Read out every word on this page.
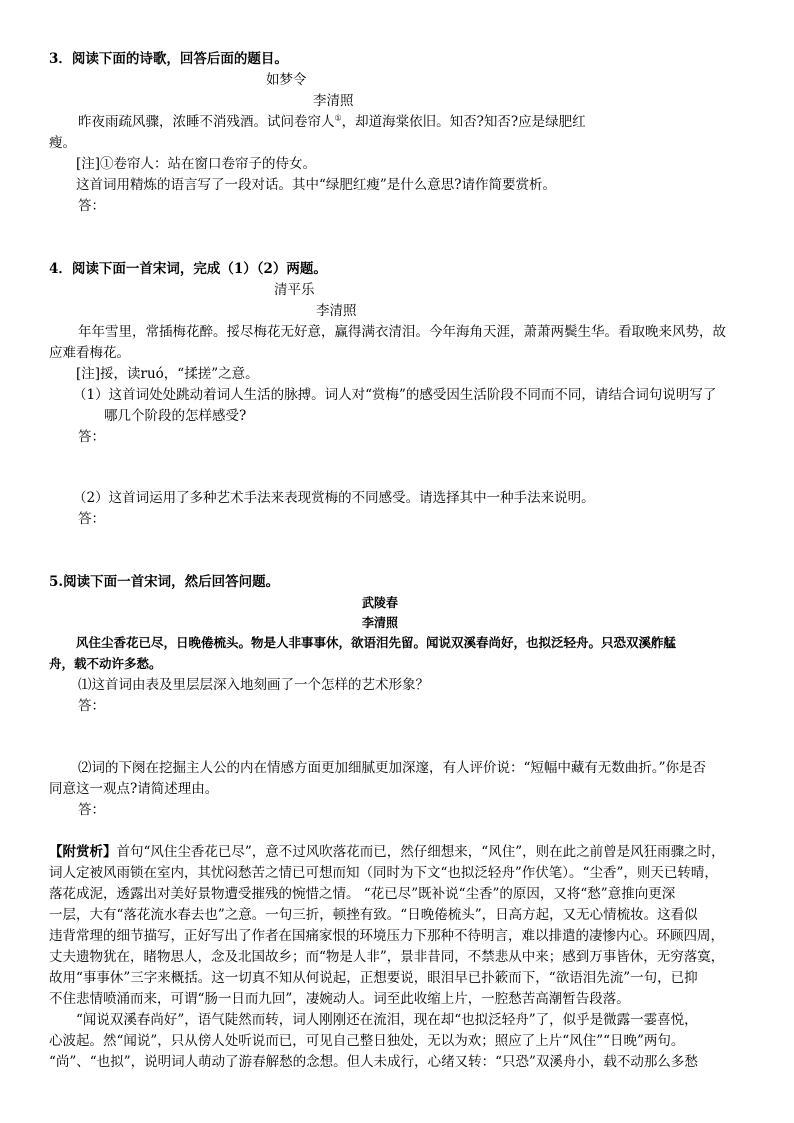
3．阅读下面的诗歌，回答后面的题目。
如梦令
李清照
昨夜雨疏风骤，浓睡不消残酒。试问卷帘人①，却道海棠依旧。知否?知否?应是绿肥红
瘦。
[注]①卷帘人：站在窗口卷帘子的侍女。
这首词用精炼的语言写了一段对话。其中“绿肥红瘦”是什么意思?请作简要赏析。
答：
4．阅读下面一首宋词，完成（1）（2）两题。
清平乐
李清照
年年雪里，常插梅花醉。挼尽梅花无好意，赢得满衣清泪。今年海角天涯，萧萧两鬓生华。看取晚来风势，故
应难看梅花。
[注]挼，读ruó，“揉搓”之意。
（1）这首词处处跳动着词人生活的脉搏。词人对“赏梅”的感受因生活阶段不同而不同，请结合词句说明写了
哪几个阶段的怎样感受?
答：
（2）这首词运用了多种艺术手法来表现赏梅的不同感受。请选择其中一种手法来说明。
答：
5.阅读下面一首宋词，然后回答问题。
武陵春
李清照
风住尘香花已尽，日晚倦梳头。物是人非事事休，欲语泪先留。闻说双溪春尚好，也拟泛轻舟。只恐双溪舴艋
舟，载不动许多愁。
⑴这首词由表及里层层深入地刻画了一个怎样的艺术形象？
答：
⑵词的下阕在挖掘主人公的内在情感方面更加细腻更加深邃，有人评价说：“短幅中藏有无数曲折。”你是否
同意这一观点?请简述理由。
答：
【附赏析】首句“风住尘香花已尽”，意不过风吹落花而已，然仔细想来，“风住”，则在此之前曾是风狂雨骤之时，
词人定被风雨锁在室内，其忧闷愁苦之情已可想而知（同时为下文“也拟泛轻舟”作伏笔）。“尘香”，则天已转晴，
落花成泥，透露出对美好景物遭受摧残的惋惜之情。 “花已尽”既补说“尘香”的原因，又将“愁”意推向更深
一层，大有“落花流水春去也”之意。一句三折，顿挫有致。“日晚倦梳头”，日高方起，又无心情梳妆。这看似
违背常理的细节描写，正好写出了作者在国痛家恨的环境压力下那种不待明言，难以排遣的凄惨内心。环顾四周，
丈夫遗物犹在，睹物思人，念及北国故乡；而“物是人非”，景非昔同，不禁悲从中来；感到万事皆休，无穷落寞，
故用“事事休”三字来概括。这一切真不知从何说起，正想要说，眼泪早已扑簌而下，“欲语泪先流”一句，已抑
不住悲情喷涌而来，可谓“肠一日而九回”，凄婉动人。词至此收缩上片，一腔愁苦高潮暂告段落。
“闻说双溪春尚好”，语气陡然而转，词人刚刚还在流泪，现在却“也拟泛轻舟”了，似乎是微露一霎喜悦，
心波起。然“闻说”，只从傍人处听说而已，可见自己整日独处，无以为欢；照应了上片“风住”“日晚”两句。
“尚”、“也拟”，说明词人萌动了游春解愁的念想。但人未成行，心绪又转：“只恐”双溪舟小，载不动那么多愁
